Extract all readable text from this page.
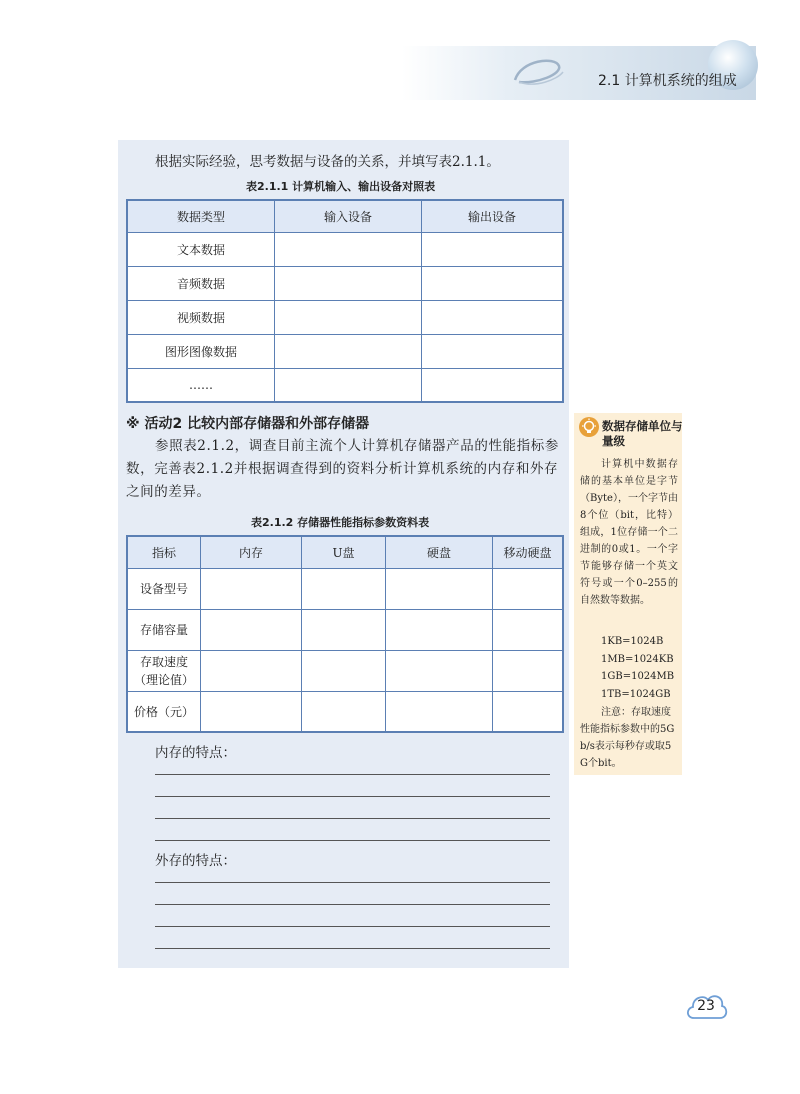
2.1 计算机系统的组成
根据实际经验，思考数据与设备的关系，并填写表2.1.1。
表2.1.1 计算机输入、输出设备对照表
数据类型	输入设备	输出设备
文本数据		
音频数据		
视频数据		
图形图像数据		
……		
※ 活动2 比较内部存储器和外部存储器
参照表2.1.2，调查目前主流个人计算机存储器产品的性能指标参数，完善表2.1.2并根据调查得到的资料分析计算机系统的内存和外存之间的差异。
表2.1.2 存储器性能指标参数资料表
指标	内存	U盘	硬盘	移动硬盘
设备型号				
存储容量				

存取速度
（理论值）				

价格（元）				
内存的特点：
外存的特点：
数据存储单位与量级
计算机中数据存储的基本单位是字节（Byte），一个字节由8个位（bit，比特）组成，1位存储一个二进制的0或1。一个字节能够存储一个英文符号或一个0–255的自然数等数据。
1KB=1024B
1MB=1024KB
1GB=1024MB
1TB=1024GB
注意：存取速度性能指标参数中的5Gb/s表示每秒存或取5G个bit。
23
